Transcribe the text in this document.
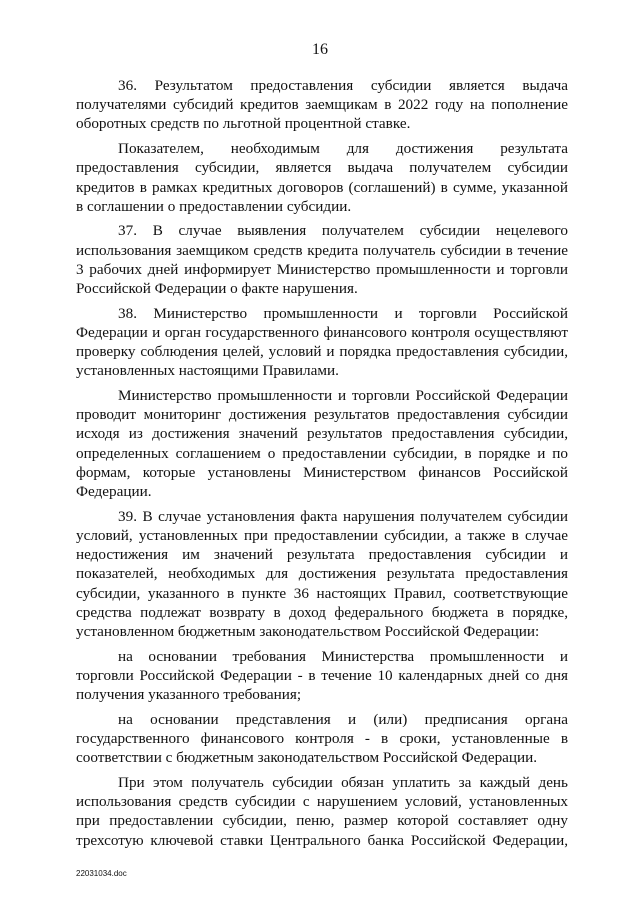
16

36. Результатом предоставления субсидии является выдача получателями субсидий кредитов заемщикам в 2022 году на пополнение оборотных средств по льготной процентной ставке.

Показателем, необходимым для достижения результата предоставления субсидии, является выдача получателем субсидии кредитов в рамках кредитных договоров (соглашений) в сумме, указанной в соглашении о предоставлении субсидии.

37. В случае выявления получателем субсидии нецелевого использования заемщиком средств кредита получатель субсидии в течение 3 рабочих дней информирует Министерство промышленности и торговли Российской Федерации о факте нарушения.

38. Министерство промышленности и торговли Российской Федерации и орган государственного финансового контроля осуществляют проверку соблюдения целей, условий и порядка предоставления субсидии, установленных настоящими Правилами.

Министерство промышленности и торговли Российской Федерации проводит мониторинг достижения результатов предоставления субсидии исходя из достижения значений результатов предоставления субсидии, определенных соглашением о предоставлении субсидии, в порядке и по формам, которые установлены Министерством финансов Российской Федерации.

39. В случае установления факта нарушения получателем субсидии условий, установленных при предоставлении субсидии, а также в случае недостижения им значений результата предоставления субсидии и показателей, необходимых для достижения результата предоставления субсидии, указанного в пункте 36 настоящих Правил, соответствующие средства подлежат возврату в доход федерального бюджета в порядке, установленном бюджетным законодательством Российской Федерации:

на основании требования Министерства промышленности и торговли Российской Федерации - в течение 10 календарных дней со дня получения указанного требования;

на основании представления и (или) предписания органа государственного финансового контроля - в сроки, установленные в соответствии с бюджетным законодательством Российской Федерации.

При этом получатель субсидии обязан уплатить за каждый день использования средств субсидии с нарушением условий, установленных при предоставлении субсидии, пеню, размер которой составляет одну трехсотую ключевой ставки Центрального банка Российской Федерации,

22031034.doc
